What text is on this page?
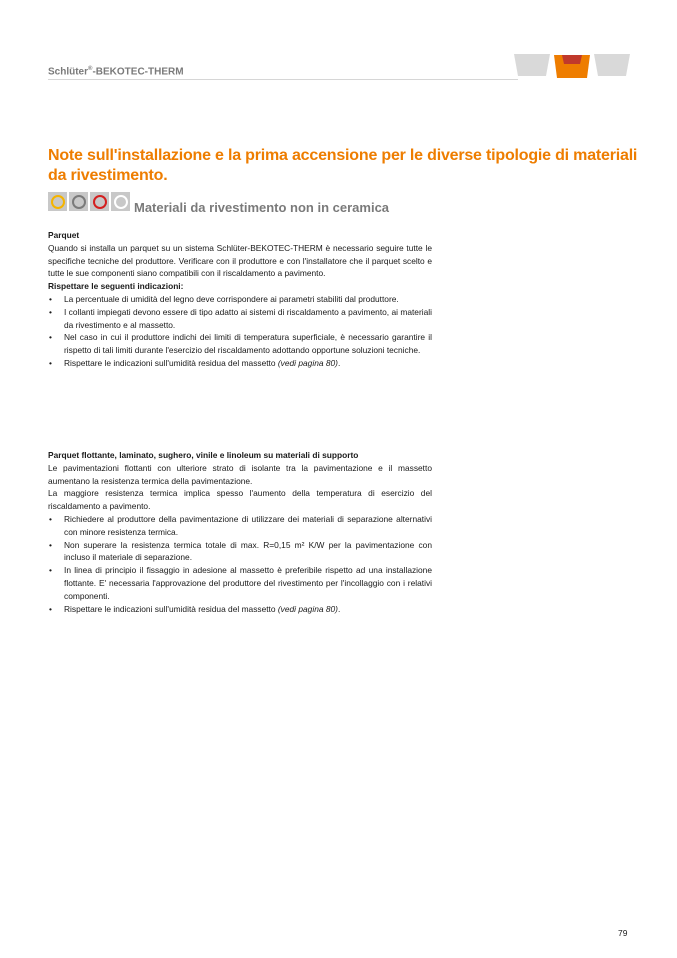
Schlüter®-BEKOTEC-THERM
Note sull'installazione e la prima accensione per le diverse tipologie di materiali da rivestimento.
Materiali da rivestimento non in ceramica

Parquet

Quando si installa un parquet su un sistema Schlüter-BEKOTEC-THERM è necessario seguire tutte le specifiche tecniche del produttore. Verificare con il produttore e con l'installatore che il parquet scelto e tutte le sue componenti siano compatibili con il riscaldamento a pavimento.

Rispettare le seguenti indicazioni:

• La percentuale di umidità del legno deve corrispondere ai parametri stabiliti dal produttore.
• I collanti impiegati devono essere di tipo adatto ai sistemi di riscaldamento a pavimento, ai materiali da rivestimento e al massetto.
• Nel caso in cui il produttore indichi dei limiti di temperatura superficiale, è necessario garantire il rispetto di tali limiti durante l'esercizio del riscaldamento adottando opportune soluzioni tecniche.
• Rispettare le indicazioni sull'umidità residua del massetto (vedi pagina 80).

Parquet flottante, laminato, sughero, vinile e linoleum su materiali di supporto

Le pavimentazioni flottanti con ulteriore strato di isolante tra la pavimentazione e il massetto aumentano la resistenza termica della pavimentazione.

La maggiore resistenza termica implica spesso l'aumento della temperatura di esercizio del riscaldamento a pavimento.

• Richiedere al produttore della pavimentazione di utilizzare dei materiali di separazione alternativi con minore resistenza termica.
• Non superare la resistenza termica totale di max. R=0,15 m² K/W per la pavimentazione con incluso il materiale di separazione.
• In linea di principio il fissaggio in adesione al massetto è preferibile rispetto ad una installazione flottante. E' necessaria l'approvazione del produttore del rivestimento per l'incollaggio con i relativi componenti.
• Rispettare le indicazioni sull'umidità residua del massetto (vedi pagina 80).
79
